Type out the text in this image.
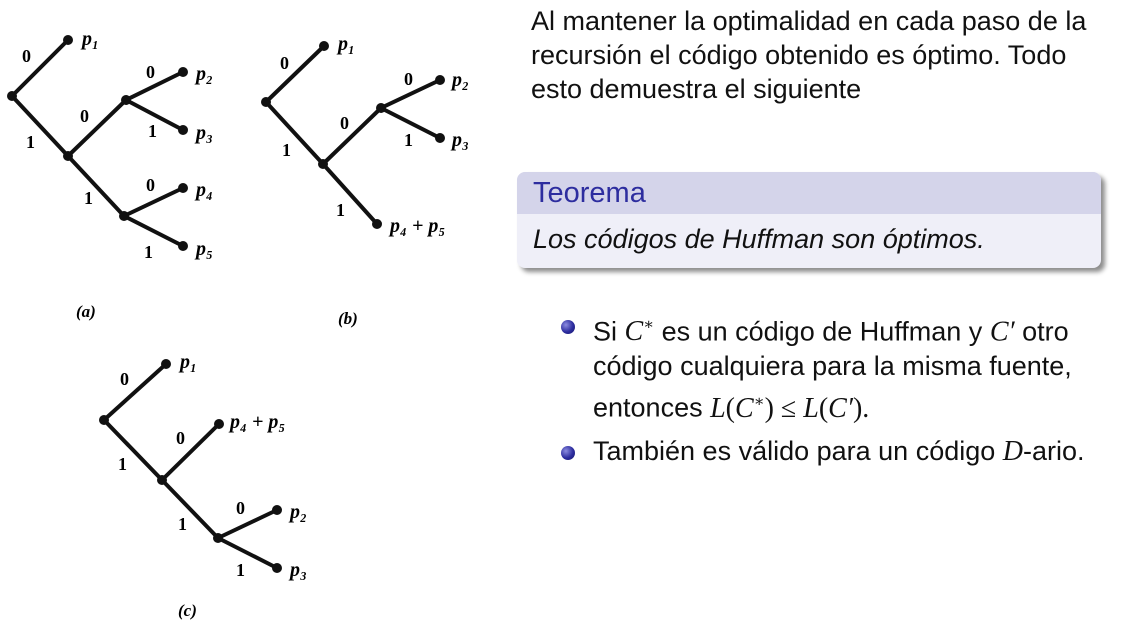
0
1
0
1
0
1
0
1
p₁
p₂
p₃
p₄
p₅
(a)
0
1
0
1
0
1
p₁
p₂
p₃
p₄ + p₅
(b)
0
1
0
1
0
1
p₁
p₄ + p₅
p₂
p₃
(c)

Al mantener la optimalidad en cada paso de la recursión el código obtenido es óptimo. Todo esto demuestra el siguiente

Teorema
Los códigos de Huffman son óptimos.
Si C∗ es un código de Huffman y C′ otro código cualquiera para la misma fuente, entonces L(C∗) ≤ L(C′).
También es válido para un código D-ario.
